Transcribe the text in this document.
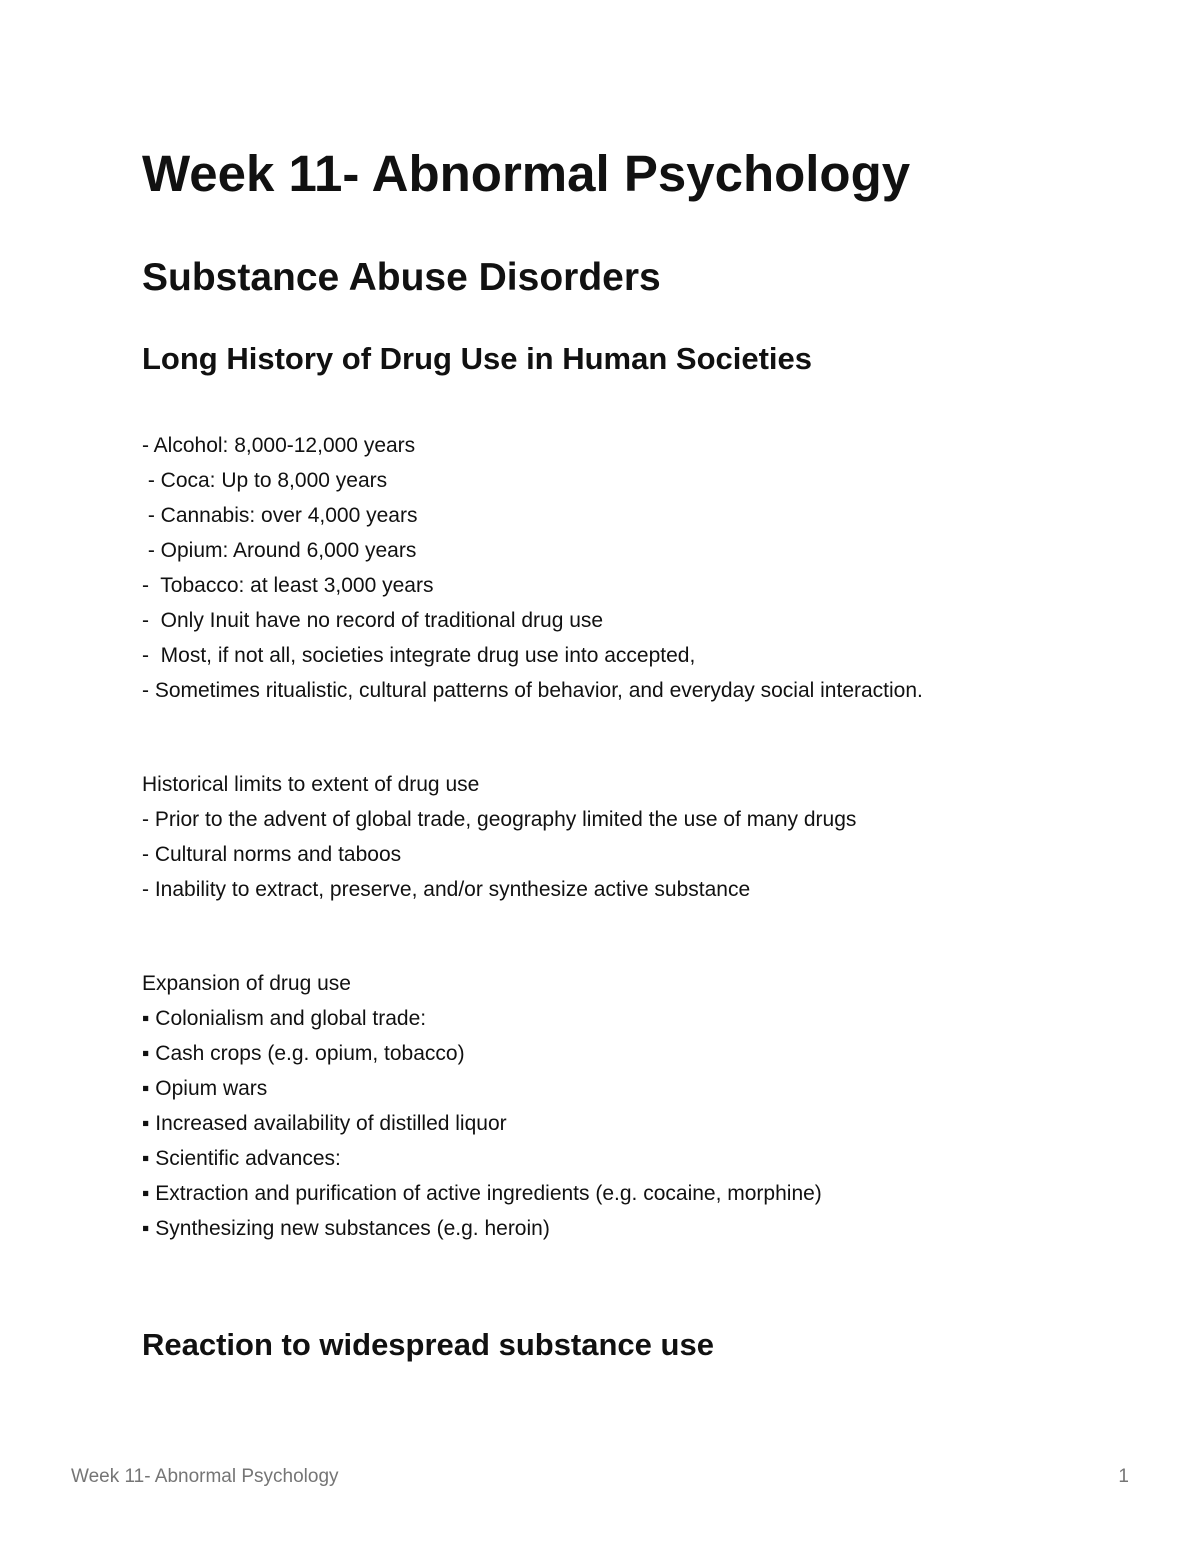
Week 11- Abnormal Psychology
Substance Abuse Disorders
Long History of Drug Use in Human Societies
- Alcohol: 8,000-12,000 years
- Coca: Up to 8,000 years
- Cannabis: over 4,000 years
- Opium: Around 6,000 years
-  Tobacco: at least 3,000 years
-  Only Inuit have no record of traditional drug use
-  Most, if not all, societies integrate drug use into accepted,
- Sometimes ritualistic, cultural patterns of behavior, and everyday social interaction.
Historical limits to extent of drug use
- Prior to the advent of global trade, geography limited the use of many drugs
- Cultural norms and taboos
- Inability to extract, preserve, and/or synthesize active substance
Expansion of drug use
▪ Colonialism and global trade:
▪ Cash crops (e.g. opium, tobacco)
▪ Opium wars
▪ Increased availability of distilled liquor
▪ Scientific advances:
▪ Extraction and purification of active ingredients (e.g. cocaine, morphine)
▪ Synthesizing new substances (e.g. heroin)
Reaction to widespread substance use
Week 11- Abnormal Psychology	1
